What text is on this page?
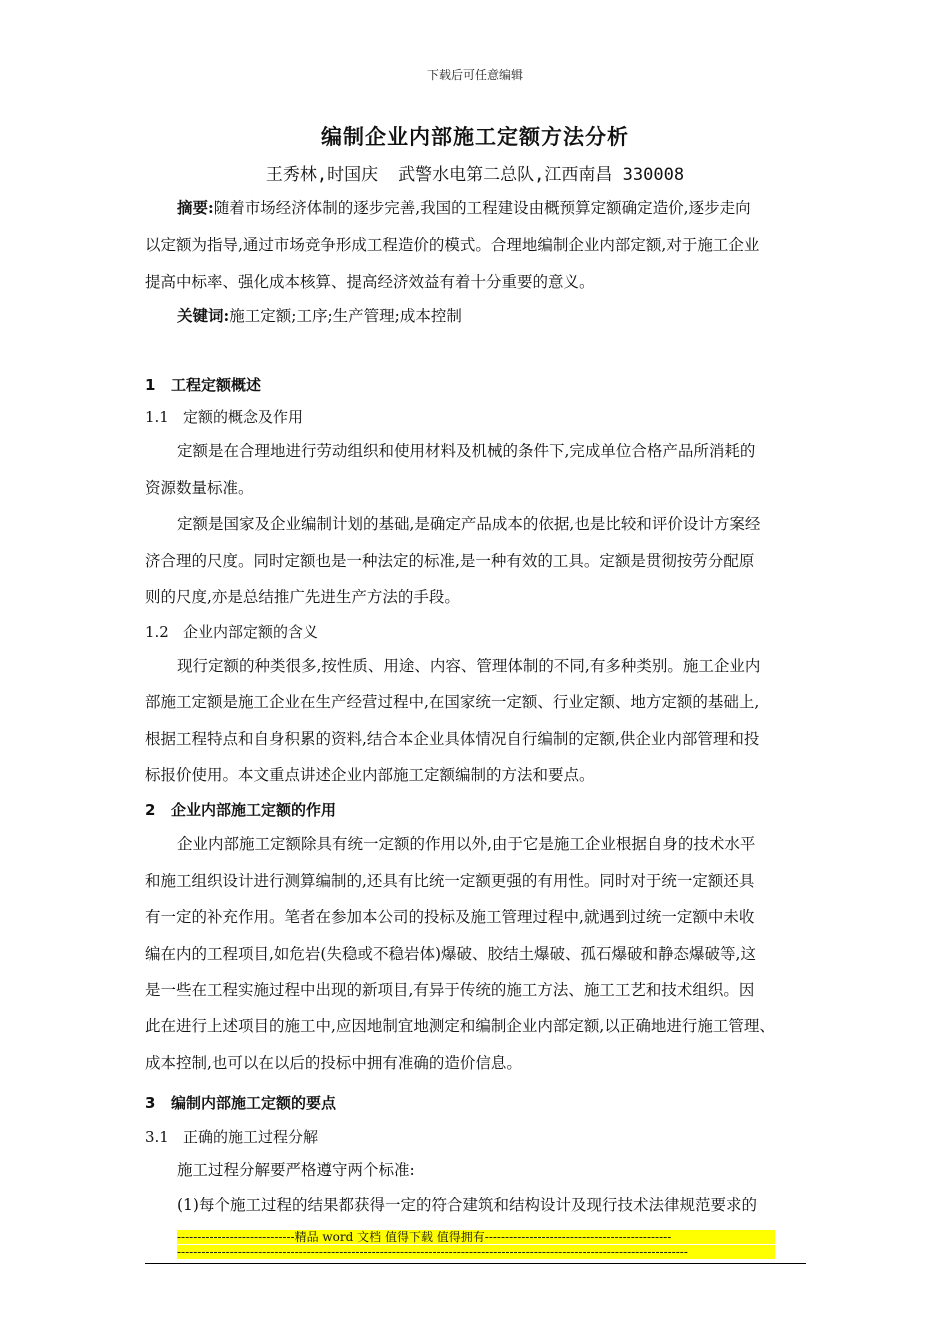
下载后可任意编辑
编制企业内部施工定额方法分析
王秀林,时国庆 武警水电第二总队,江西南昌 330008
摘要:随着市场经济体制的逐步完善,我国的工程建设由概预算定额确定造价,逐步走向
以定额为指导,通过市场竞争形成工程造价的模式。合理地编制企业内部定额,对于施工企业
提高中标率、强化成本核算、提高经济效益有着十分重要的意义。
关键词:施工定额;工序;生产管理;成本控制
1 工程定额概述
1.1 定额的概念及作用
定额是在合理地进行劳动组织和使用材料及机械的条件下,完成单位合格产品所消耗的
资源数量标准。
定额是国家及企业编制计划的基础,是确定产品成本的依据,也是比较和评价设计方案经
济合理的尺度。同时定额也是一种法定的标准,是一种有效的工具。定额是贯彻按劳分配原
则的尺度,亦是总结推广先进生产方法的手段。
1.2 企业内部定额的含义
现行定额的种类很多,按性质、用途、内容、管理体制的不同,有多种类别。施工企业内
部施工定额是施工企业在生产经营过程中,在国家统一定额、行业定额、地方定额的基础上,
根据工程特点和自身积累的资料,结合本企业具体情况自行编制的定额,供企业内部管理和投
标报价使用。本文重点讲述企业内部施工定额编制的方法和要点。
2 企业内部施工定额的作用
企业内部施工定额除具有统一定额的作用以外,由于它是施工企业根据自身的技术水平
和施工组织设计进行测算编制的,还具有比统一定额更强的有用性。同时对于统一定额还具
有一定的补充作用。笔者在参加本公司的投标及施工管理过程中,就遇到过统一定额中未收
编在内的工程项目,如危岩(失稳或不稳岩体)爆破、胶结土爆破、孤石爆破和静态爆破等,这
是一些在工程实施过程中出现的新项目,有异于传统的施工方法、施工工艺和技术组织。因
此在进行上述项目的施工中,应因地制宜地测定和编制企业内部定额,以正确地进行施工管理、
成本控制,也可以在以后的投标中拥有准确的造价信息。
3 编制内部施工定额的要点
3.1 正确的施工过程分解
施工过程分解要严格遵守两个标准:
(1)每个施工过程的结果都获得一定的符合建筑和结构设计及现行技术法律规范要求的
-----------------------------精品 word 文档 值得下载 值得拥有----------------------------------------------
------------------------------------------------------------------------------------------------------------------------------
